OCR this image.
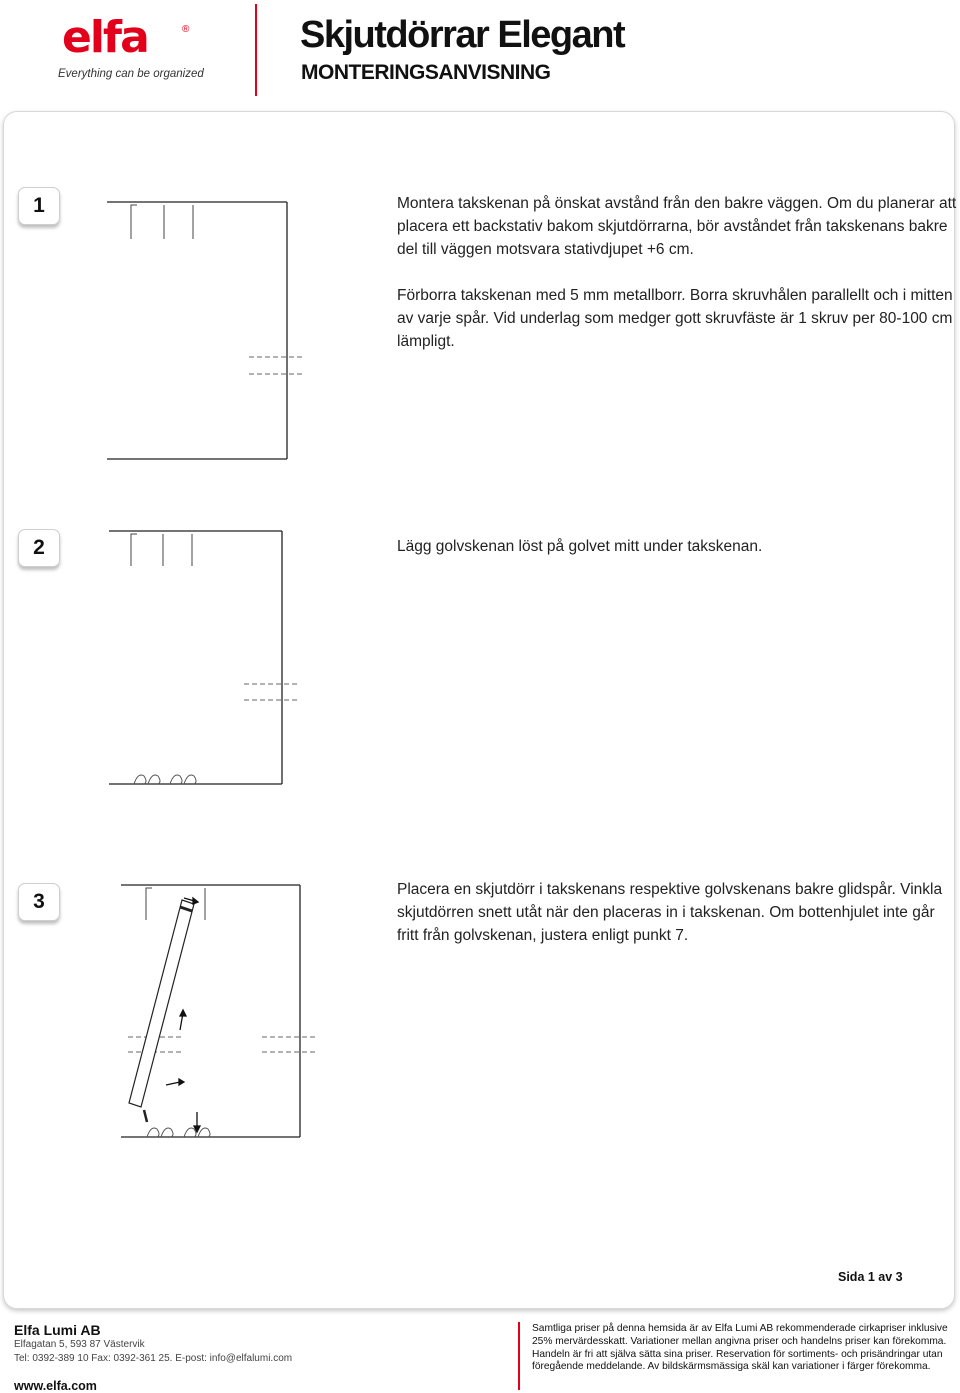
elfa	®
Everything can be organized
Skjutdörrar Elegant
MONTERINGSANVISNING
1	Montera takskenan på önskat avstånd från den bakre väggen. Om du planerar att placera ett backstativ bakom skjutdörrarna, bör avståndet från takskenans bakre del till väggen motsvara stativdjupet +6 cm.

Förborra takskenan med 5 mm metallborr. Borra skruvhålen parallellt och i mitten av varje spår. Vid underlag som medger gott skruvfäste är 1 skruv per 80-100 cm lämpligt.

2	Lägg golvskenan löst på golvet mitt under takskenan.

3

Placera en skjutdörr i takskenans respektive golvskenans bakre glidspår. Vinkla skjutdörren snett utåt när den placeras in i takskenan. Om bottenhjulet inte går fritt från golvskenan, justera enligt punkt 7.

Sida 1 av 3
Elfa Lumi AB
Elfagatan 5, 593 87 Västervik
Tel: 0392-389 10 Fax: 0392-361 25. E-post: info@elfalumi.com
www.elfa.com
Samtliga priser på denna hemsida är av Elfa Lumi AB rekommenderade cirkapriser inklusive 25% mervärdesskatt. Variationer mellan angivna priser och handelns priser kan förekomma. Handeln är fri att själva sätta sina priser. Reservation för sortiments- och prisändringar utan föregående meddelande. Av bildskärmsmässiga skäl kan variationer i färger förekomma.
